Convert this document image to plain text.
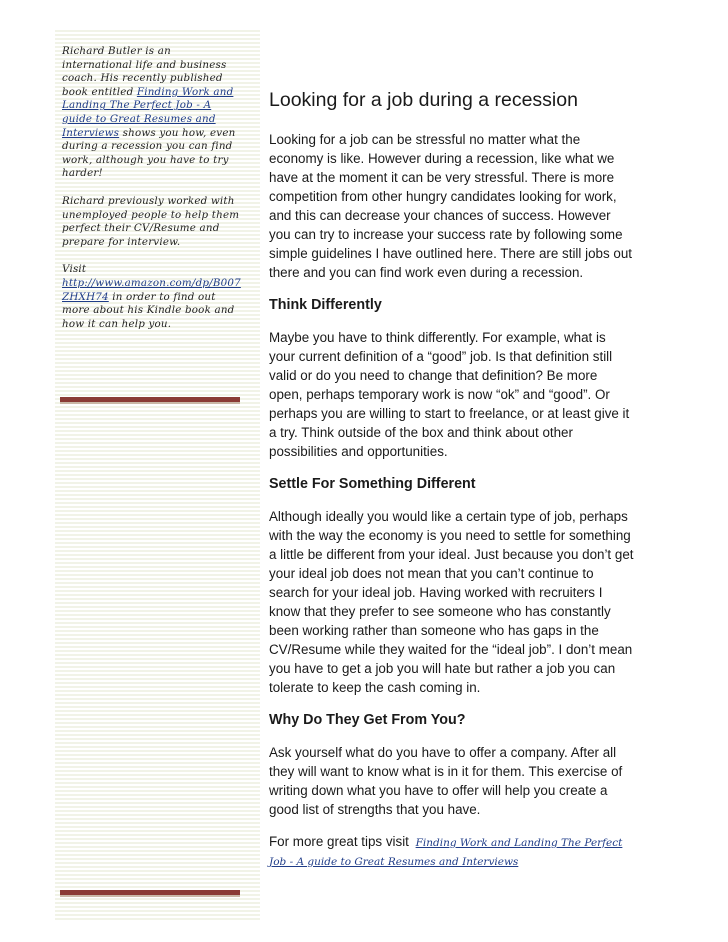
Richard Butler is an international life and business coach. His recently published book entitled Finding Work and Landing The Perfect Job - A guide to Great Resumes and Interviews shows you how, even during a recession you can find work, although you have to try harder!

Richard previously worked with unemployed people to help them perfect their CV/Resume and prepare for interview.

Visit
http://www.amazon.com/dp/B007ZHXH74 in order to find out more about his Kindle book and how it can help you.

Looking for a job during a recession

Looking for a job can be stressful no matter what the economy is like. However during a recession, like what we have at the moment it can be very stressful. There is more competition from other hungry candidates looking for work, and this can decrease your chances of success. However you can try to increase your success rate by following some simple guidelines I have outlined here. There are still jobs out there and you can find work even during a recession.

Think Differently

Maybe you have to think differently. For example, what is your current definition of a “good” job. Is that definition still valid or do you need to change that definition? Be more open, perhaps temporary work is now “ok” and “good”. Or perhaps you are willing to start to freelance, or at least give it a try. Think outside of the box and think about other possibilities and opportunities.

Settle For Something Different

Although ideally you would like a certain type of job, perhaps with the way the economy is you need to settle for something a little be different from your ideal. Just because you don’t get your ideal job does not mean that you can’t continue to search for your ideal job. Having worked with recruiters I know that they prefer to see someone who has constantly been working rather than someone who has gaps in the CV/Resume while they waited for the “ideal job”. I don’t mean you have to get a job you will hate but rather a job you can tolerate to keep the cash coming in.

Why Do They Get From You?

Ask yourself what do you have to offer a company. After all they will want to know what is in it for them. This exercise of writing down what you have to offer will help you create a good list of strengths that you have.

For more great tips visit Finding Work and Landing The Perfect Job - A guide to Great Resumes and Interviews
